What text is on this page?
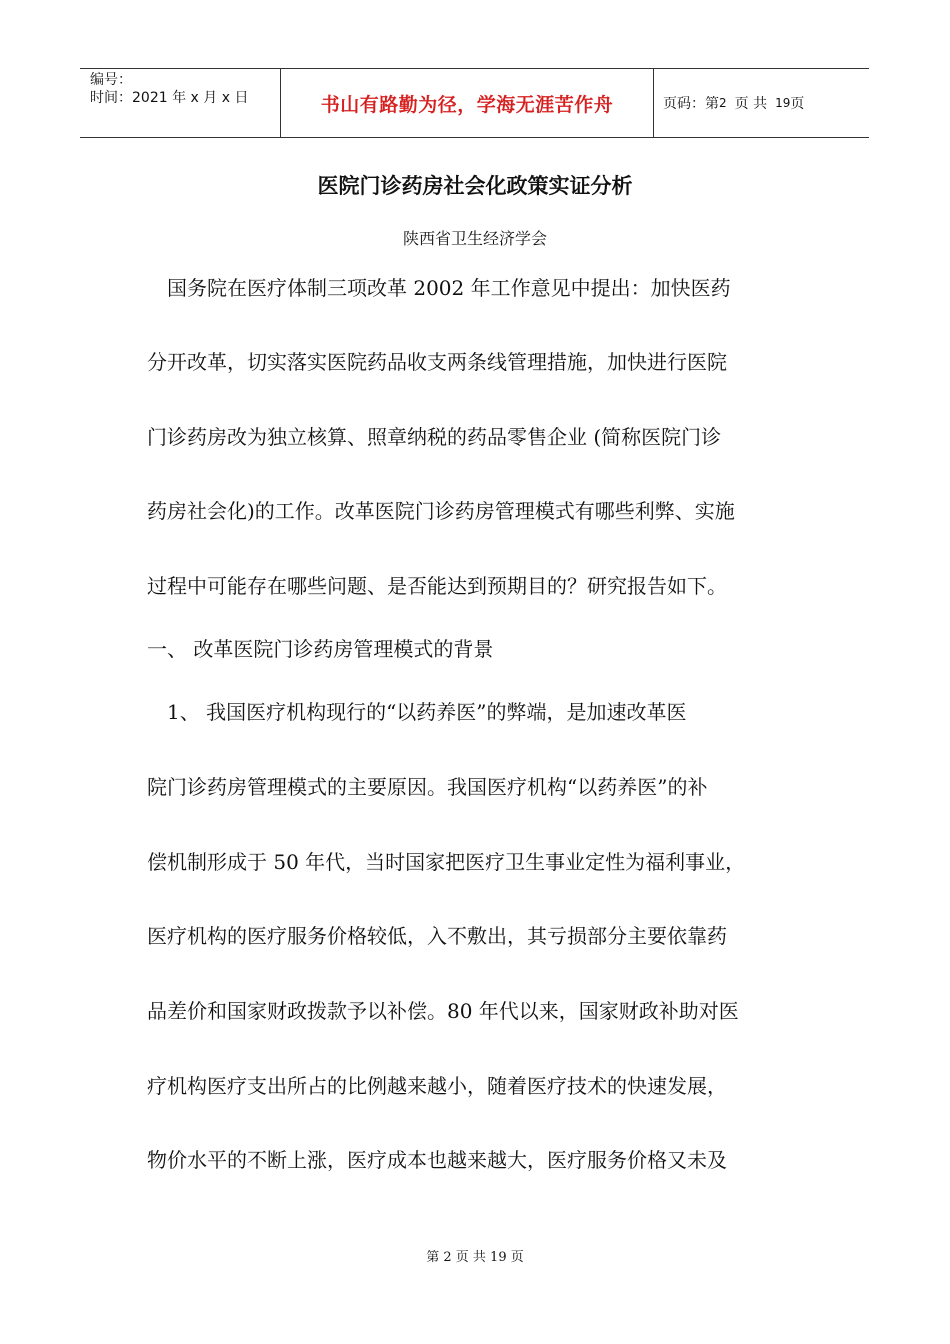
编号：
时间：2021 年 x 月 x 日	书山有路勤为径，学海无涯苦作舟	页码：第 2 页 共 19 页
医院门诊药房社会化政策实证分析
陕西省卫生经济学会
　国务院在医疗体制三项改革 2002 年工作意见中提出：加快医药
分开改革，切实落实医院药品收支两条线管理措施，加快进行医院
门诊药房改为独立核算、照章纳税的药品零售企业 (简称医院门诊
药房社会化)的工作。改革医院门诊药房管理模式有哪些利弊、实施
过程中可能存在哪些问题、是否能达到预期目的？研究报告如下。
一、 改革医院门诊药房管理模式的背景
　1、 我国医疗机构现行的“以药养医”的弊端，是加速改革医
院门诊药房管理模式的主要原因。我国医疗机构“以药养医”的补
偿机制形成于 50 年代，当时国家把医疗卫生事业定性为福利事业，
医疗机构的医疗服务价格较低，入不敷出，其亏损部分主要依靠药
品差价和国家财政拨款予以补偿。80 年代以来，国家财政补助对医
疗机构医疗支出所占的比例越来越小，随着医疗技术的快速发展，
物价水平的不断上涨，医疗成本也越来越大，医疗服务价格又未及
第 2 页 共 19 页
